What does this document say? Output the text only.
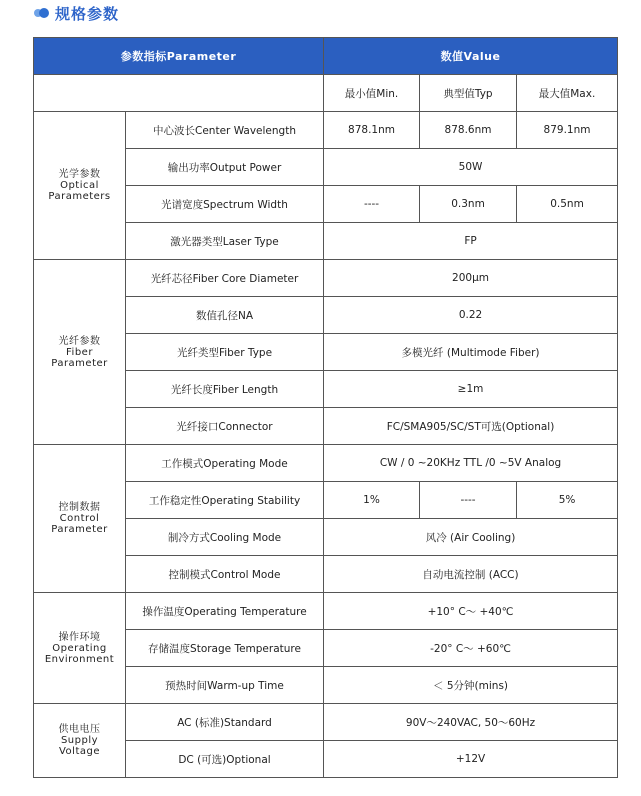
规格参数
参数指标Parameter		数值Value		
		最小值Min.	典型值Typ	最大值Max.

光学参数
Optical
Parameters	中心波长Center Wavelength	878.1nm	878.6nm	879.1nm
	输出功率Output Power	50W		
	光谱宽度Spectrum Width	----	0.3nm	0.5nm
	激光器类型Laser Type	FP		

光纤参数
Fiber
Parameter	光纤芯径Fiber Core Diameter	200μm		
	数值孔径NA	0.22		
	光纤类型Fiber Type	多模光纤 (Multimode Fiber)		
	光纤长度Fiber Length	≥1m		
	光纤接口Connector	FC/SMA905/SC/ST可选(Optional)		

控制数据
Control
Parameter	工作模式Operating Mode	CW / 0 ~20KHz TTL /0 ~5V Analog		
	工作稳定性Operating Stability	1%	----	5%
	制冷方式Cooling Mode	风冷 (Air Cooling)		
	控制模式Control Mode	自动电流控制 (ACC)		

操作环境
Operating
Environment	操作温度Operating Temperature	+10° C～ +40℃		
	存储温度Storage Temperature	-20° C～ +60℃		
	预热时间Warm-up Time	＜ 5分钟(mins)		

供电电压
Supply
Voltage	AC (标准)Standard	90V～240VAC, 50～60Hz		
	DC (可选)Optional	+12V		
